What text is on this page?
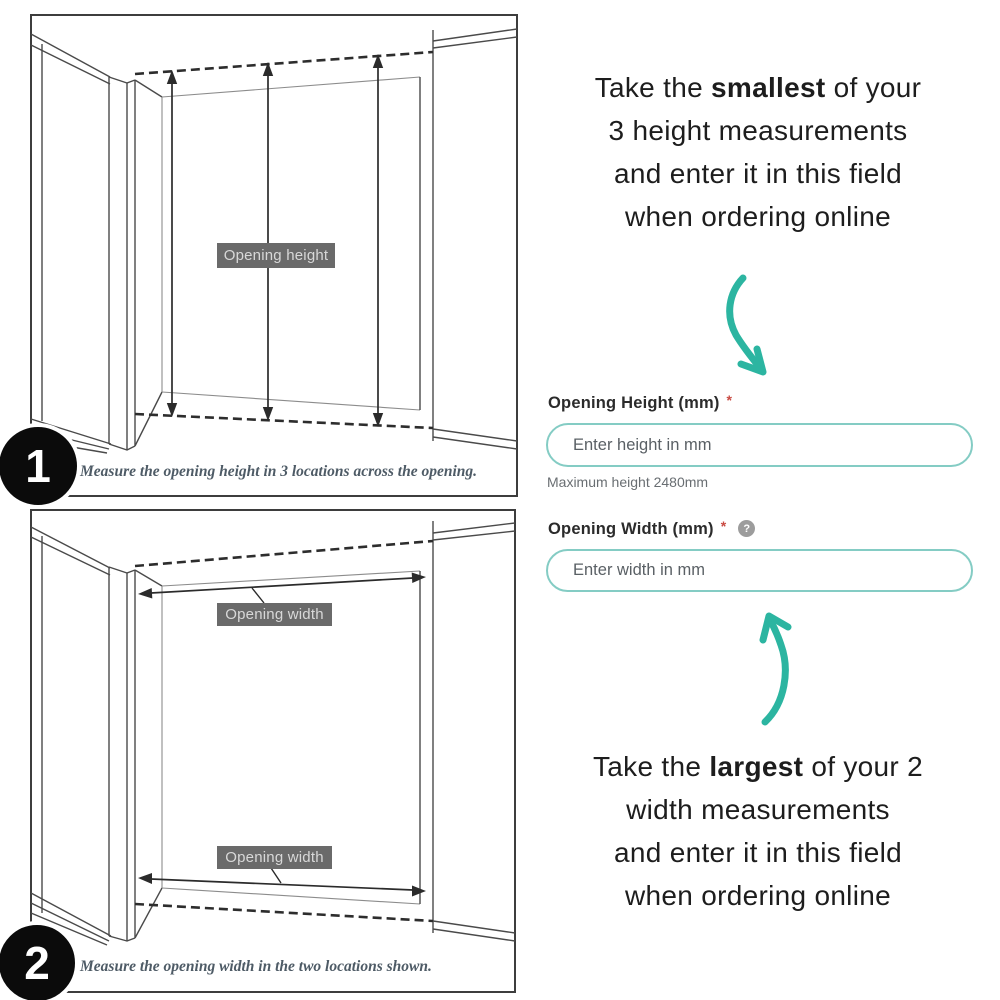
Opening height
Opening width
Opening width
1
2
Measure the opening height in 3 locations across the opening.
Measure the opening width in the two locations shown.
Take the smallest of your
3 height measurements
and enter it in this field
when ordering online
Opening Height (mm) *
Enter height in mm
Maximum height 2480mm
Opening Width (mm) *	?
Enter width in mm
Take the largest of your 2
width measurements
and enter it in this field
when ordering online
